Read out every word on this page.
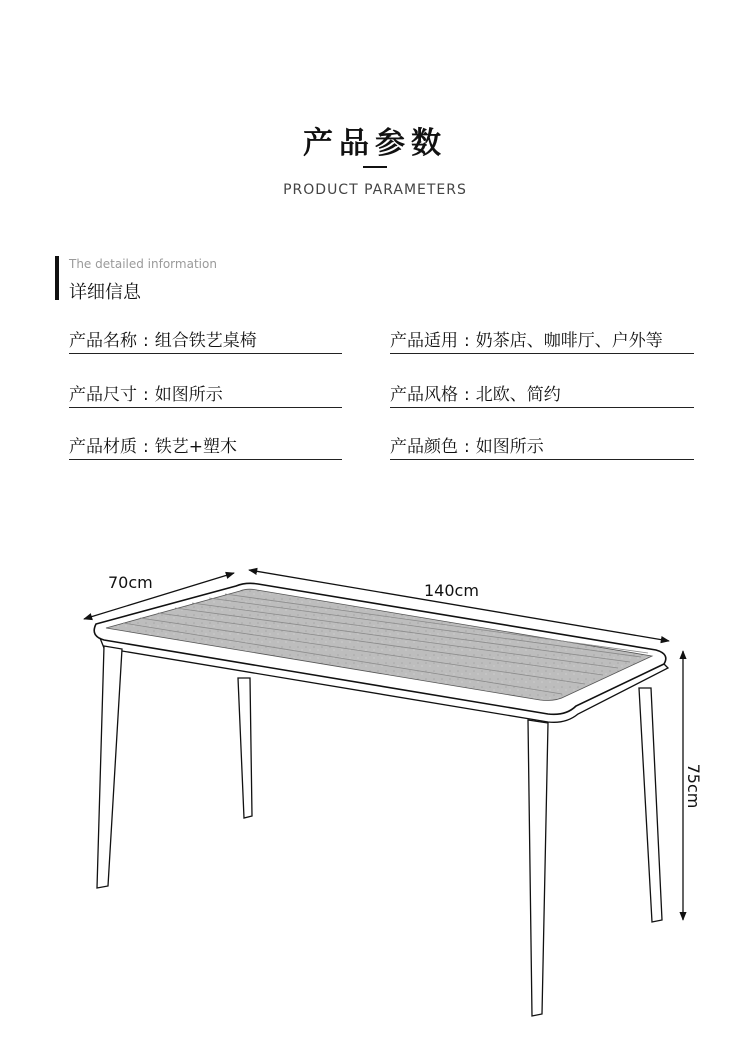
产品参数
PRODUCT PARAMETERS
The detailed information
详细信息
产品名称 : 组合铁艺桌椅	产品适用 : 奶茶店、咖啡厅、户外等
产品尺寸 : 如图所示	产品风格 : 北欧、简约
产品材质 : 铁艺+塑木	产品颜色 : 如图所示
70cm	140cm
75cm
